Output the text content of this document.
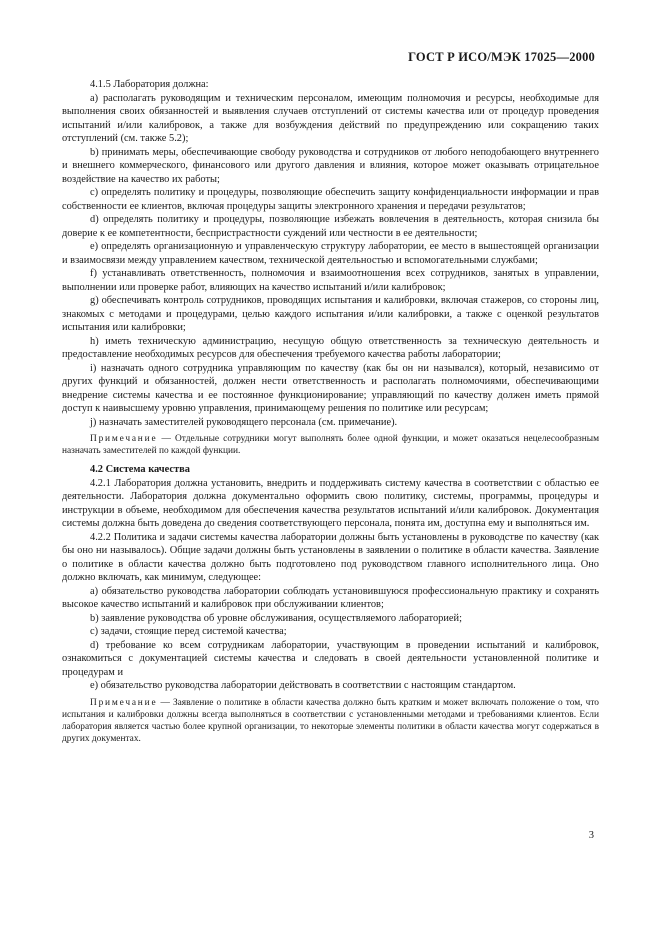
ГОСТ Р ИСО/МЭК 17025—2000

4.1.5 Лаборатория должна:

a) располагать руководящим и техническим персоналом, имеющим полномочия и ресурсы, необходимые для выполнения своих обязанностей и выявления случаев отступлений от системы качества или от процедур проведения испытаний и/или калибровок, а также для возбуждения действий по предупреждению или сокращению таких отступлений (см. также 5.2);

b) принимать меры, обеспечивающие свободу руководства и сотрудников от любого неподобающего внутреннего и внешнего коммерческого, финансового или другого давления и влияния, которое может оказывать отрицательное воздействие на качество их работы;

c) определять политику и процедуры, позволяющие обеспечить защиту конфиденциальности информации и прав собственности ее клиентов, включая процедуры защиты электронного хранения и передачи результатов;

d) определять политику и процедуры, позволяющие избежать вовлечения в деятельность, которая снизила бы доверие к ее компетентности, беспристрастности суждений или честности в ее деятельности;

e) определять организационную и управленческую структуру лаборатории, ее место в вышестоящей организации и взаимосвязи между управлением качеством, технической деятельностью и вспомогательными службами;

f) устанавливать ответственность, полномочия и взаимоотношения всех сотрудников, занятых в управлении, выполнении или проверке работ, влияющих на качество испытаний и/или калибровок;

g) обеспечивать контроль сотрудников, проводящих испытания и калибровки, включая стажеров, со стороны лиц, знакомых с методами и процедурами, целью каждого испытания и/или калибровки, а также с оценкой результатов испытания или калибровки;

h) иметь техническую администрацию, несущую общую ответственность за техническую деятельность и предоставление необходимых ресурсов для обеспечения требуемого качества работы лаборатории;

i) назначать одного сотрудника управляющим по качеству (как бы он ни назывался), который, независимо от других функций и обязанностей, должен нести ответственность и располагать полномочиями, обеспечивающими внедрение системы качества и ее постоянное функционирование; управляющий по качеству должен иметь прямой доступ к наивысшему уровню управления, принимающему решения по политике или ресурсам;

j) назначать заместителей руководящего персонала (см. примечание).

Примечание — Отдельные сотрудники могут выполнять более одной функции, и может оказаться нецелесообразным назначать заместителей по каждой функции.

4.2 Система качества

4.2.1 Лаборатория должна установить, внедрить и поддерживать систему качества в соответствии с областью ее деятельности. Лаборатория должна документально оформить свою политику, системы, программы, процедуры и инструкции в объеме, необходимом для обеспечения качества результатов испытаний и/или калибровок. Документация системы должна быть доведена до сведения соответствующего персонала, понята им, доступна ему и выполняться им.

4.2.2 Политика и задачи системы качества лаборатории должны быть установлены в руководстве по качеству (как бы оно ни называлось). Общие задачи должны быть установлены в заявлении о политике в области качества. Заявление о политике в области качества должно быть подготовлено под руководством главного исполнительного лица. Оно должно включать, как минимум, следующее:

a) обязательство руководства лаборатории соблюдать установившуюся профессиональную практику и сохранять высокое качество испытаний и калибровок при обслуживании клиентов;

b) заявление руководства об уровне обслуживания, осуществляемого лабораторией;

c) задачи, стоящие перед системой качества;

d) требование ко всем сотрудникам лаборатории, участвующим в проведении испытаний и калибровок, ознакомиться с документацией системы качества и следовать в своей деятельности установленной политике и процедурам и

e) обязательство руководства лаборатории действовать в соответствии с настоящим стандартом.

Примечание — Заявление о политике в области качества должно быть кратким и может включать положение о том, что испытания и калибровки должны всегда выполняться в соответствии с установленными методами и требованиями клиентов. Если лаборатория является частью более крупной организации, то некоторые элементы политики в области качества могут содержаться в других документах.

3
